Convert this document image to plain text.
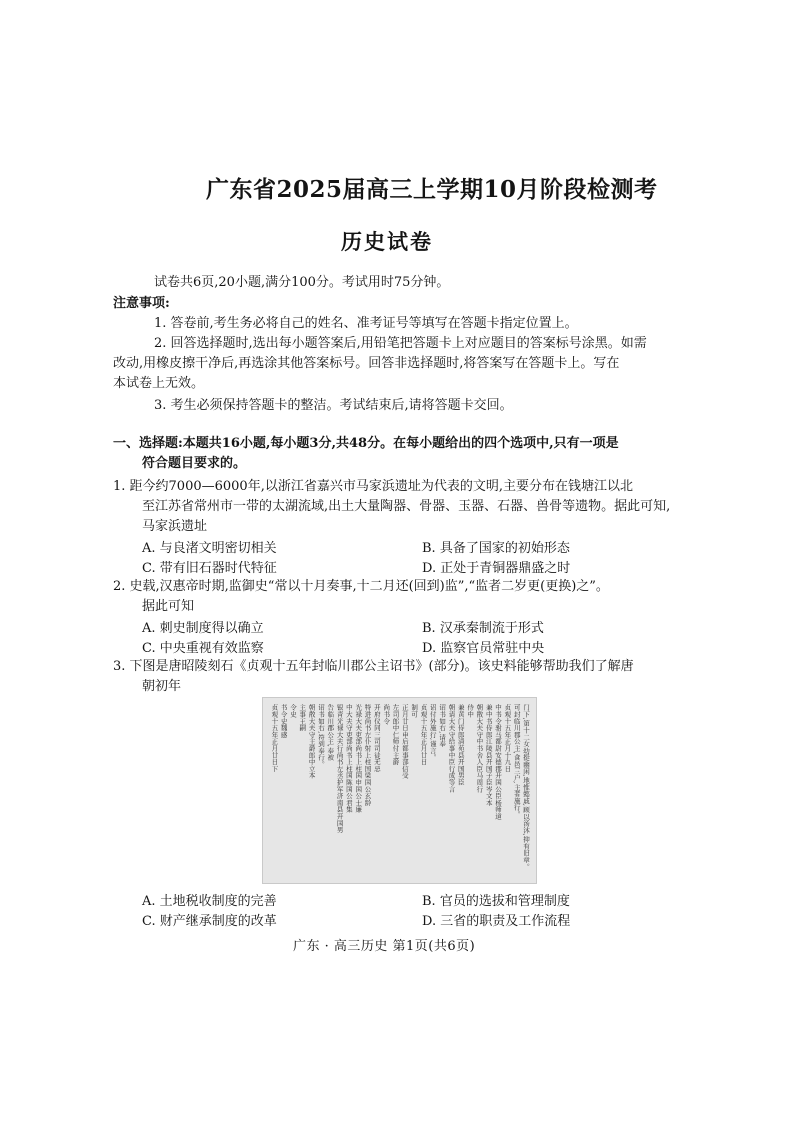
广东省2025届高三上学期10月阶段检测考
历史试卷
试卷共6页,20小题,满分100分。考试用时75分钟。
注意事项:
1. 答卷前,考生务必将自己的姓名、准考证号等填写在答题卡指定位置上。
2. 回答选择题时,选出每小题答案后,用铅笔把答题卡上对应题目的答案标号涂黑。如需
改动,用橡皮擦干净后,再选涂其他答案标号。回答非选择题时,将答案写在答题卡上。写在
本试卷上无效。
3. 考生必须保持答题卡的整洁。考试结束后,请将答题卡交回。
一、选择题:本题共16小题,每小题3分,共48分。在每小题给出的四个选项中,只有一项是
符合题目要求的。
1. 距今约7000—6000年,以浙江省嘉兴市马家浜遗址为代表的文明,主要分布在钱塘江以北
至江苏省常州市一带的太湖流域,出土大量陶器、骨器、玉器、石器、兽骨等遗物。据此可知,
马家浜遗址
A. 与良渚文明密切相关	B. 具备了国家的初始形态
C. 带有旧石器时代特征	D. 正处于青铜器鼎盛之时
2. 史载,汉惠帝时期,监御史“常以十月奏事,十二月还(回到)监”,“监者二岁更(更换)之”。
据此可知
A. 刺史制度得以确立	B. 汉承秦制流于形式
C. 中央重视有效监察	D. 监察官员常驻中央
3. 下图是唐昭陵刻石《贞观十五年封临川郡公主诏书》(部分)。该史料能够帮助我们了解唐
朝初年
门下,第十二女幼挺幽闲,地惟懿戚,顾以汤沐,抑有旧章。
可封临川郡公主,食邑三户,主者施行。
贞观十五年正月十九日
中书令驸马都尉安德郡开国公臣杨师道
兼中书侍郎江陵县开国子臣岑文本
朝散大夫守中书舍人臣马周行
侍中
兼黄门侍郎清苑县开国男臣
朝请大夫守给事中臣行成等言
诏书如右,请奉
诏付外施行,谨言。
贞观十五年正月廿日
制可
正月廿日申后都事部信受
左司郎中仁师付主爵
尚书令
开府仪同三司司徒无忌
特进尚书左仆射上柱国梁国公玄龄
光禄大夫吏部尚书上柱国申国公士廉
中大夫守吏部尚书上柱国陈国公君集
银青光禄大夫行尚书左丞护军济南县开国男
告临川郡公主,奉被
诏书如右,符到奉行。
朝散大夫守主爵郎中立本
主事王嗣
令史
书令史魏感
贞观十五年正月廿日下
A. 土地税收制度的完善	B. 官员的选拔和管理制度
C. 财产继承制度的改革	D. 三省的职责及工作流程
广东 · 高三历史 第1页(共6页)
